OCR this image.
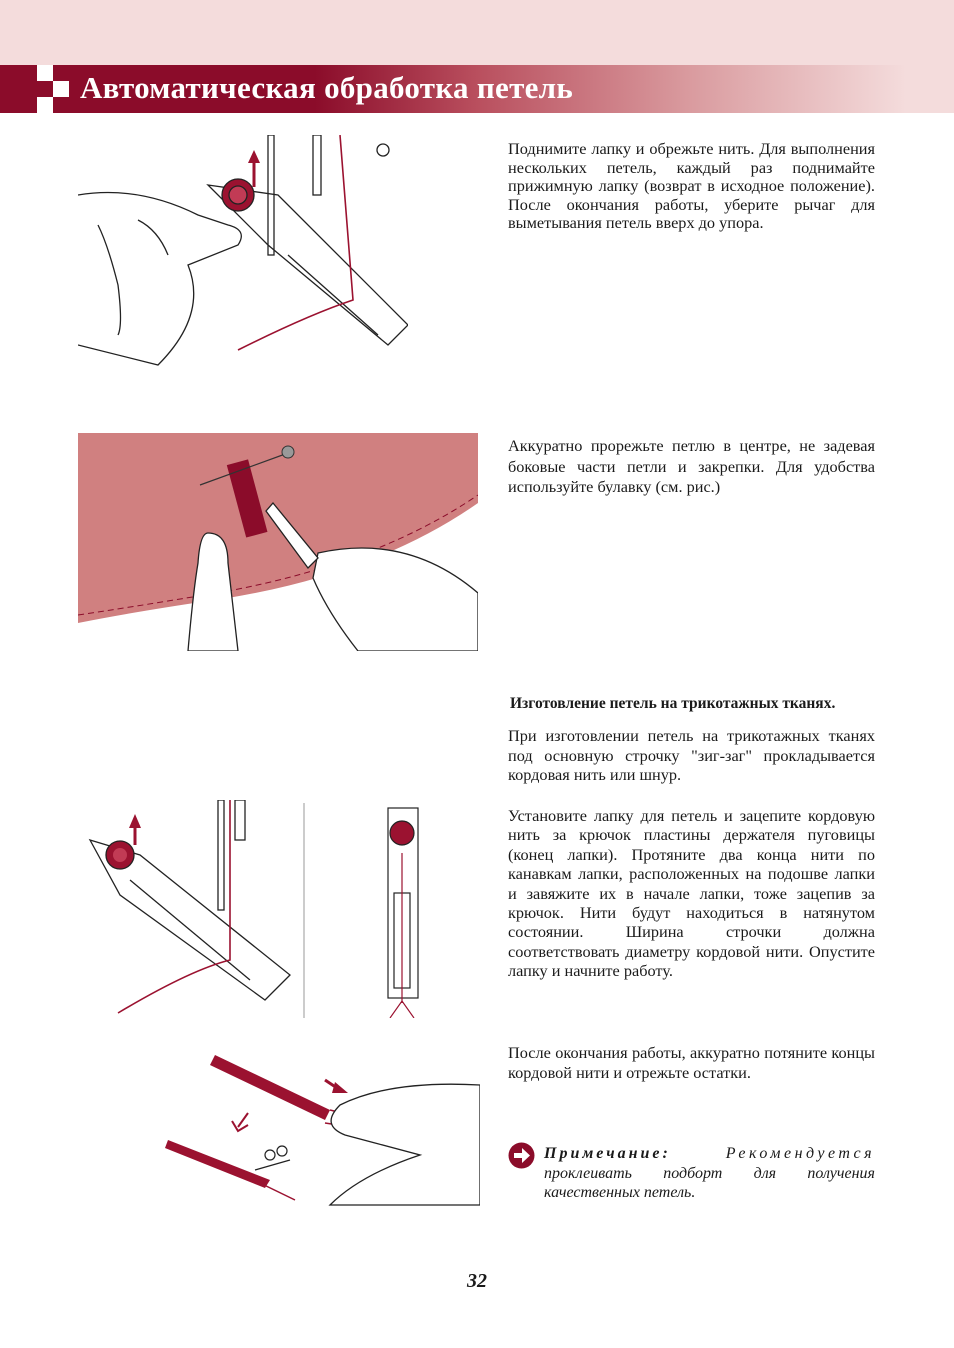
Автоматическая обработка петель
Поднимите лапку и обрежьте нить. Для выполнения нескольких петель, каждый раз поднимайте прижимную лапку (возврат в исходное положение). После окончания работы, уберите рычаг для выметывания петель вверх до упора.
Аккуратно прорежьте петлю в центре, не задевая боковые части петли и закрепки. Для удобства используйте булавку (см. рис.)
Изготовление петель на трикотажных тканях.
При изготовлении петель на трикотажных тканях под основную строчку "зиг-заг" прокладывается кордовая нить или шнур.
Установите лапку для петель и зацепите кордовую нить за крючок пластины держателя пуговицы (конец лапки). Протяните два конца нити по канавкам лапки, расположенных на подошве лапки и завяжите их в начале лапки, тоже зацепив за крючок. Нити будут находиться в натянутом состоянии. Ширина строчки должна соответствовать диаметру кордовой нити. Опустите лапку и начните работу.
После окончания работы, аккуратно потяните концы кордовой нити и отрежьте остатки.
Примечание:	Рекомендуется проклеивать подборт для получения качественных петель.
32
